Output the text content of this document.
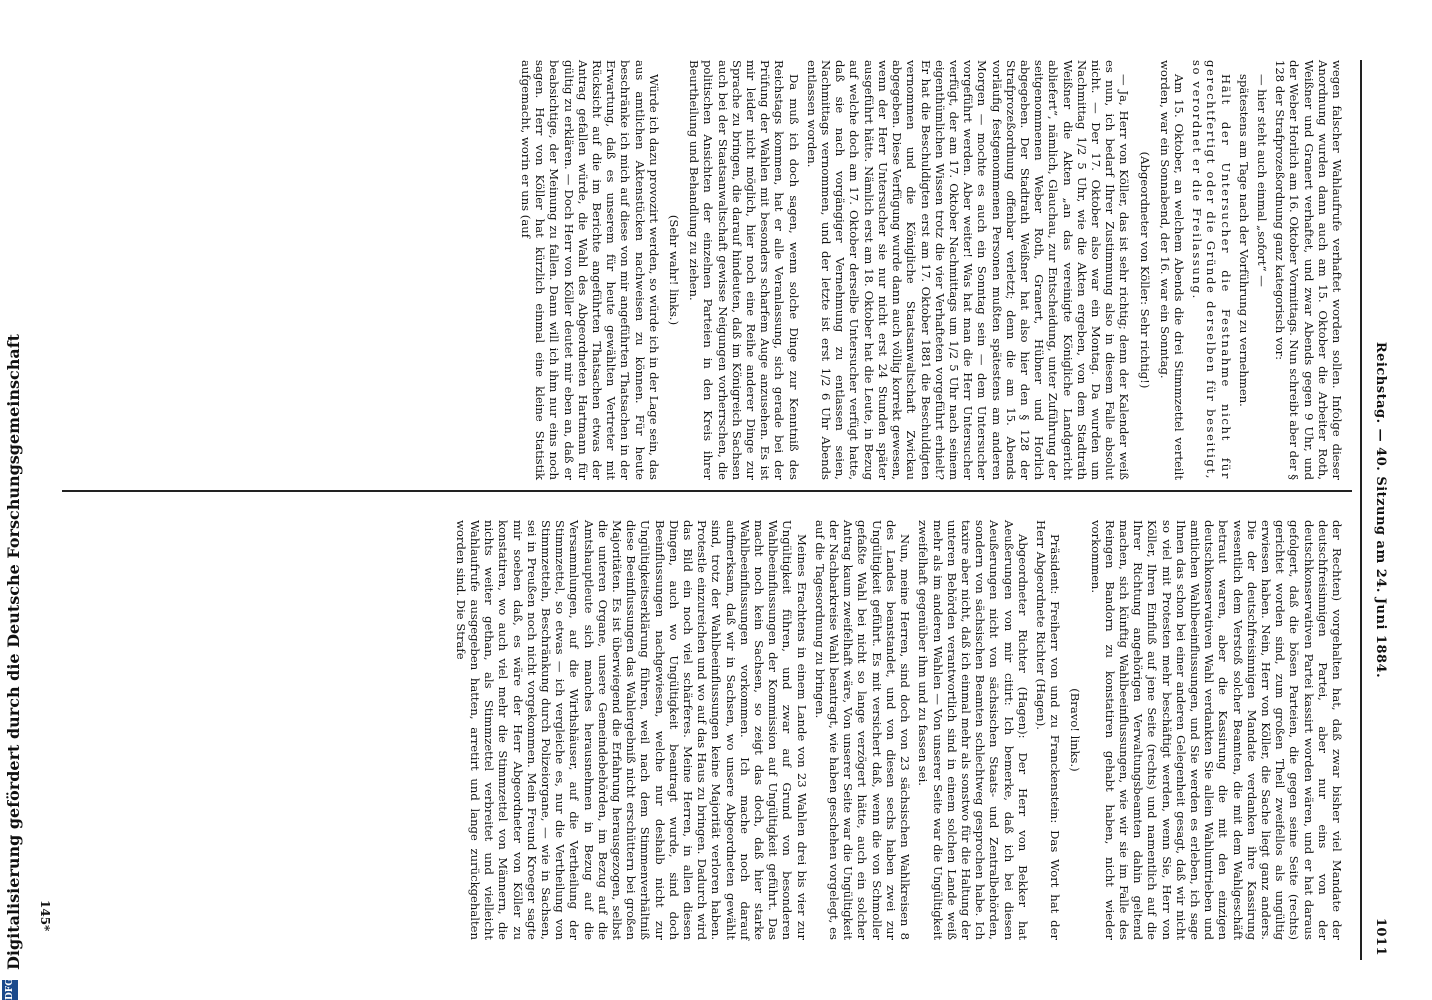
Reichstag. — 40. Sitzung am 24. Juni 1884.
1011

wegen falscher Wahlaufrufe verhaftet worden sollen. Infolge dieser Anordnung wurden dann auch am 15. Oktober die Arbeiter Roth, Weißner und Granert verhaftet, und zwar Abends gegen 9 Uhr, und der Weber Horlich am 16. Oktober Vormittags. Nun schreibt aber der § 128 der Strafprozeßordnung ganz kategorisch vor:

— hier steht auch einmal „sofort“ —

spätestens am Tage nach der Vorführung zu vernehmen.

Hält der Untersucher die Festnahme nicht für gerechtfertigt oder die Gründe derselben für beseitigt, so verordnet er die Freilassung.

Am 15. Oktober, an welchem Abends die drei Stimmzettel verteilt worden, war ein Sonnabend, der 16. war ein Sonntag.

(Abgeordneter von Köller: Sehr richtig!)

— Ja, Herr von Köller, das ist sehr richtig; denn der Kalender weiß es nun, ich bedarf Ihrer Zustimmung also in diesem Falle absolut nicht. — Der 17. Oktober also war ein Montag. Da wurden um Nachmittag 1/2 5 Uhr, wie die Akten ergeben, von dem Stadtrath Weißner die Akten „an das vereinigte Königliche Landgericht abliefert“, nämlich, Glauchau, zur Entscheidung, unter Zuführung der seitgenommenen Weber Roth, Granert, Hübner und Horlich abgegeben. Der Stadtrath Weißner hat also hier den § 128 der Strafprozeßordnung offenbar verletzt; denn die am 15. Abends vorläufig festgenommenen Personen mußten spätestens am anderen Morgen — mochte es auch ein Sonntag sein — dem Untersucher vorgeführt werden. Aber weiter! Was hat man die Herr Untersucher verfügt, der am 17. Oktober Nachmittags um 1/2 5 Uhr nach seinem eigenthümlichen Wissen trotz die vier Verhafteten vorgeführt erhielt? Er hat die Beschuldigten erst am 17. Oktober 1881 die Beschuldigten vernommen und die Königliche Staatsanwaltschaft Zwickau abgegeben. Diese Verfügung wurde dann auch völlig korrekt gewesen, wenn der Herr Untersucher sie nur nicht erst 24 Stunden später ausgeführt hätte. Nämlich erst am 18. Oktober hat die Leute, in Bezug auf welche doch am 17. Oktober derselbe Untersucher verfügt hatte, daß sie nach vorgängiger Vernehmung zu entlassen seien, Nachmittags vernommen, und der letzte ist erst 1/2 6 Uhr Abends entlassen worden.

Da muß ich doch sagen, wenn solche Dinge zur Kenntniß des Reichstags kommen, hat er alle Veranlassung, sich gerade bei der Prüfung der Wahlen mit besonders scharfem Auge anzusehen. Es ist mir leider nicht möglich, hier noch eine Reihe anderer Dinge zur Sprache zu bringen, die darauf hindeuten, daß im Königreich Sachsen auch bei der Staatsanwaltschaft gewisse Neigungen vorherrschen, die politischen Ansichten der einzelnen Parteien in den Kreis ihrer Beurtheilung und Behandlung zu ziehen.

(Sehr wahr! links.)

Würde ich dazu provozirt werden, so würde ich in der Lage sein, das aus amtlichen Aktenstücken nachweisen zu können. Für heute beschränke ich mich auf diese von mir angeführten Thatsachen in der Erwartung, daß es unserem für heute gewählten Vertreter mit Rücksicht auf die im Berichte angeführten Thatsachen etwas der Antrag gefallen würde, die Wahl des Abgeordneten Hartmann für gültig zu erklären. — Doch Herr von Köller deutet mir eben an, daß er beabsichtige, der Meinung zu fallen. Dann will ich ihm nur eins noch sagen. Herr von Köller hat kürzlich einmal eine kleine Statistik aufgemacht, worin er uns (auf

der Rechten) vorgehalten hat, daß zwar bisher viel Mandate der deutschfreisinnigen Partei, aber nur eins von der deutschkonservativen Partei kassirt worden wären, und er hat daraus gefolgert, daß die bösen Parteien, die gegen seine Seite (rechts) gerichtet worden sind, zum großen Theil zweifellos als ungültig erwiesen haben. Nein, Herr von Köller, die Sache liegt ganz anders. Die der deutschfreisinnigen Mandate verdanken ihre Kassirung wesentlich dem Verstoß solcher Beamten, die mit dem Wahlgeschäft betraut waren, aber die Kassirung die mit den einzigen deutschkonservativen Wahl verdankten Sie allein Wahlumtrieben und amtlichen Wahlbeeinflussungen, und Sie werden es erleben, ich sage Ihnen das schon bei einer anderen Gelegenheit gesagt, daß wir nicht so viel mit Protesten mehr beschäftigt werden, wenn Sie, Herr von Köller, Ihren Einfluß auf jene Seite (rechts) und namentlich auf die Ihrer Richtung angehörigen Verwaltungsbeamten dahin geltend machen, sich künftig Wahlbeeinflussungen, wie wir sie im Falle des Reingen Bandorn zu konstatiren gehabt haben, nicht wieder vorkommen.

(Bravo! links.)

Präsident: Freiherr von und zu Franckenstein: Das Wort hat der Herr Abgeordnete Richter (Hagen).

Abgeordneter Richter (Hagen): Der Herr von Bekker hat Aeußerungen von mir citirt: Ich bemerke, daß ich bei diesen Aeußerungen nicht von sächsischen Staats- und Zentralbehörden, sondern von sächsischen Beamten schlechtweg gesprochen habe. Ich taxire aber nicht, daß ich einmal mehr als sonstwo für die Haltung der unteren Behörden verantwortlich sind in einem solchen Lande weiß mehr als im anderen Wahlen — Von unserer Seite war die Ungültigkeit zweifelhaft gegenüber ihm und zu fassen sei.

Nun, meine Herren, sind doch von 23 sächsischen Wahlkreisen 8 des Landes beanstandet, und von diesen sechs haben zwei zur Ungültigkeit geführt. Es mit versichert daß, wenn die von Schmoller gefaßte Wahl bei nicht so lange verzögert hätte, auch ein solcher Antrag kaum zweifelhaft wäre, Von unserer Seite war die Ungültigkeit der Nachbarkreise Wahl beantragt, wie haben geschehen vorgelegt, es auf die Tagesordnung zu bringen.

Meines Erachtens in einem Lande von 23 Wahlen drei bis vier zur Ungültigkeit führen, und zwar auf Grund von besonderen Wahlbeeinflussungen der Kommission auf Ungültigkeit geführt. Das macht noch kein Sachsen, so zeigt das doch, daß hier starke Wahlbeeinflussungen vorkommen. Ich mache noch darauf aufmerksam, daß wir in Sachsen, wo unsere Abgeordneten gewählt sind, trotz der Wahlbeeinflussungen keine Majorität verloren haben. Protestle einzureichen und wo auf das Haus zu bringen. Dadurch wird das Bild ein noch viel schärferes. Meine Herren, in allen diesen Dingen, auch wo Ungültigkeit beantragt wurde, sind doch Beeinflussungen nachgewiesen, welche nur deshalb nicht zur Ungültigkeitserklärung führen, weil nach dem Stimmenverhältniß diese Beeinflussungen das Wahlergebniß nicht erschüttern bei großen Majoritäten. Es ist überwiegend die Erfahrung herausgezogen, selbst die unteren Organe, unsere Gemeindebehörden, im Bezug auf die Amtshauptleute sich manches herausnehmen in Bezug auf die Versammlungen, auf die Wirthshäuser, auf die Vertheilung der Stimmzettel, so etwas — ich vergleiche es, nur die Vertheilung von Stimmzetteln, Beschränkung durch Polizeiorgane, — wie in Sachsen, sei in Preußen noch nicht vorgekommen. Mein Freund Kroeger sagte mir soeben daß, es wäre der Herr Abgeordneter von Köller zu konstatiren, wo auch viel mehr die Stimmzettel von Männern, die nichts weiter gethan, als Stimmzettel verbreitet und vielleicht Wahlaufrufe ausgegeben hatten, arretirt und lange zurückgehalten worden sind. Die Strafe

145*
DFG
Digitalisierung gefördert durch die Deutsche Forschungsgemeinschaft
